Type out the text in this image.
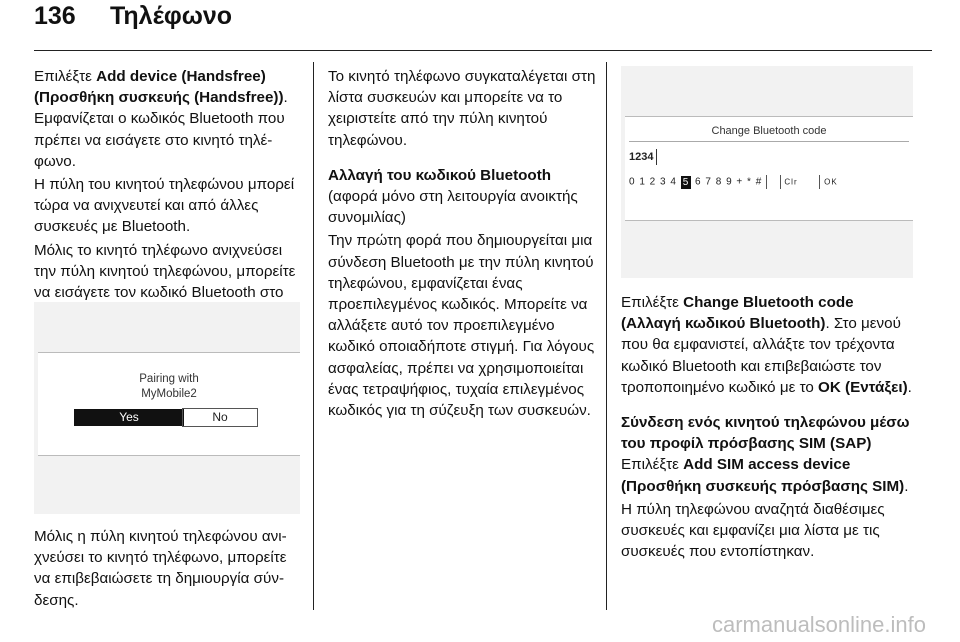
136 Τηλέφωνο

Επιλέξτε Add device (Handsfree) (Προσθήκη συσκευής (Handsfree)). Εμφανίζεται ο κωδικός Bluetooth που πρέπει να εισάγετε στο κινητό τηλέφωνο.

Η πύλη του κινητού τηλεφώνου μπορεί τώρα να ανιχνευτεί και από άλλες συσκευές με Bluetooth.

Μόλις το κινητό τηλέφωνο ανιχνεύσει την πύλη κινητού τηλεφώνου, μπορείτε να εισάγετε τον κωδικό Bluetooth στο

Pairing with
MyMobile2
Yes	No

Μόλις η πύλη κινητού τηλεφώνου ανιχνεύσει το κινητό τηλέφωνο, μπορείτε να επιβεβαιώσετε τη δημιουργία σύνδεσης.

Το κινητό τηλέφωνο συγκαταλέγεται στη λίστα συσκευών και μπορείτε να το χειριστείτε από την πύλη κινητού τηλεφώνου.

Αλλαγή του κωδικού Bluetooth

(αφορά μόνο στη λειτουργία ανοικτής συνομιλίας)

Την πρώτη φορά που δημιουργείται μια σύνδεση Bluetooth με την πύλη κινητού τηλεφώνου, εμφανίζεται ένας προεπιλεγμένος κωδικός. Μπορείτε να αλλάξετε αυτό τον προεπιλεγμένο κωδικό οποιαδήποτε στιγμή. Για λόγους ασφαλείας, πρέπει να χρησιμοποιείται ένας τετραψήφιος, τυχαία επιλεγμένος κωδικός για τη σύζευξη των συσκευών.

Change Bluetooth code
1234
0 1 2 3 4 5 6 7 8 9 + * #	Clr	OK

Επιλέξτε Change Bluetooth code (Αλλαγή κωδικού Bluetooth). Στο μενού που θα εμφανιστεί, αλλάξτε τον τρέχοντα κωδικό Bluetooth και επιβεβαιώστε τον τροποποιημένο κωδικό με το OK (Εντάξει).

Σύνδεση ενός κινητού τηλεφώνου μέσω του προφίλ πρόσβασης SIM (SAP)

Επιλέξτε Add SIM access device (Προσθήκη συσκευής πρόσβασης SIM).

Η πύλη τηλεφώνου αναζητά διαθέσιμες συσκευές και εμφανίζει μια λίστα με τις συσκευές που εντοπίστηκαν.

carmanualsonline.info
